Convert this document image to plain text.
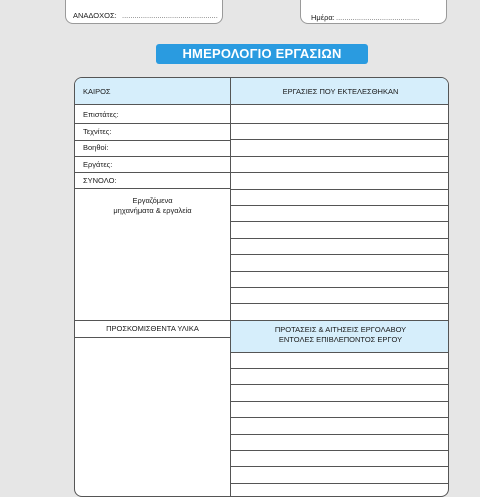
ΑΝΑΔΟΧΟΣ: ..............................................	Ημέρα: ........................................
ΗΜΕΡΟΛΟΓΙΟ ΕΡΓΑΣΙΩΝ
ΚΑΙΡΟΣ	ΕΡΓΑΣΙΕΣ ΠΟΥ ΕΚΤΕΛΕΣΘΗΚΑΝ
Επιστάτες:
Τεχνίτες:
Βοηθοί:
Εργάτες:
ΣΥΝΟΛΟ:
Εργαζόμενα
μηχανήματα & εργαλεία
ΠΡΟΣΚΟΜΙΣΘΕΝΤΑ ΥΛΙΚΑ	ΠΡΟΤΑΣΕΙΣ & ΑΙΤΗΣΕΙΣ ΕΡΓΟΛΑΒΟΥ
ΕΝΤΟΛΕΣ ΕΠΙΒΛΕΠΟΝΤΟΣ ΕΡΓΟΥ
